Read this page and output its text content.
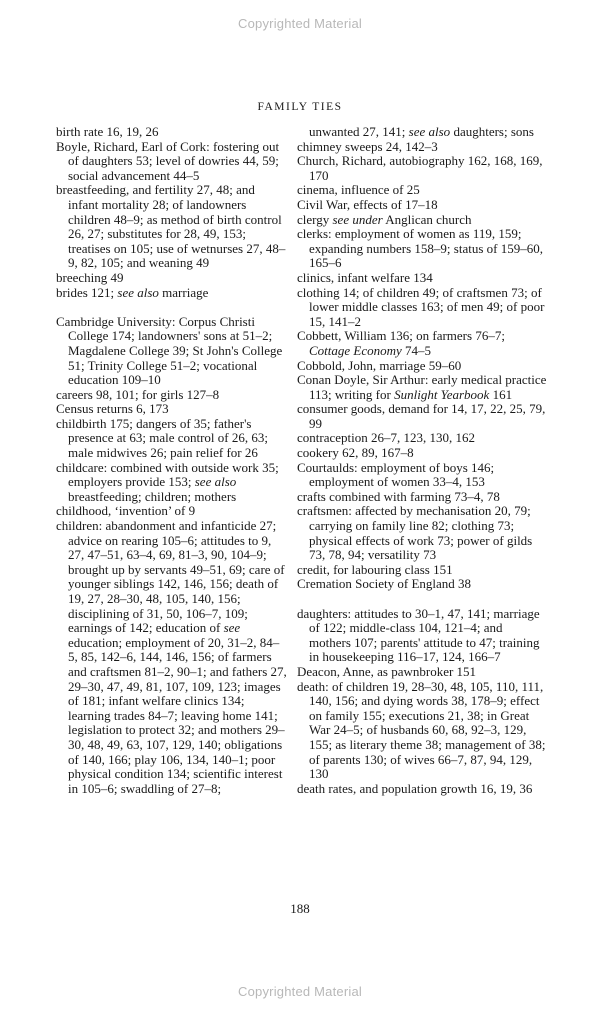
Copyrighted Material
FAMILY TIES

birth rate 16, 19, 26

Boyle, Richard, Earl of Cork: fostering out of daughters 53; level of dowries 44, 59; social advancement 44–5

breastfeeding, and fertility 27, 48; and infant mortality 28; of landowners children 48–9; as method of birth control 26, 27; substitutes for 28, 49, 153; treatises on 105; use of wetnurses 27, 48–9, 82, 105; and weaning 49

breeching 49

brides 121; see also marriage

Cambridge University: Corpus Christi College 174; landowners' sons at 51–2; Magdalene College 39; St John's College 51; Trinity College 51–2; vocational education 109–10

careers 98, 101; for girls 127–8

Census returns 6, 173

childbirth 175; dangers of 35; father's presence at 63; male control of 26, 63; male midwives 26; pain relief for 26

childcare: combined with outside work 35; employers provide 153; see also breastfeeding; children; mothers

childhood, ‘invention’ of 9

children: abandonment and infanticide 27; advice on rearing 105–6; attitudes to 9, 27, 47–51, 63–4, 69, 81–3, 90, 104–9; brought up by servants 49–51, 69; care of younger siblings 142, 146, 156; death of 19, 27, 28–30, 48, 105, 140, 156; disciplining of 31, 50, 106–7, 109; earnings of 142; education of see education; employment of 20, 31–2, 84–5, 85, 142–6, 144, 146, 156; of farmers and craftsmen 81–2, 90–1; and fathers 27, 29–30, 47, 49, 81, 107, 109, 123; images of 181; infant welfare clinics 134; learning trades 84–7; leaving home 141; legislation to protect 32; and mothers 29–30, 48, 49, 63, 107, 129, 140; obligations of 140, 166; play 106, 134, 140–1; poor physical condition 134; scientific interest in 105–6; swaddling of 27–8;

unwanted 27, 141; see also daughters; sons

chimney sweeps 24, 142–3

Church, Richard, autobiography 162, 168, 169, 170

cinema, influence of 25

Civil War, effects of 17–18

clergy see under Anglican church

clerks: employment of women as 119, 159; expanding numbers 158–9; status of 159–60, 165–6

clinics, infant welfare 134

clothing 14; of children 49; of craftsmen 73; of lower middle classes 163; of men 49; of poor 15, 141–2

Cobbett, William 136; on farmers 76–7; Cottage Economy 74–5

Cobbold, John, marriage 59–60

Conan Doyle, Sir Arthur: early medical practice 113; writing for Sunlight Yearbook 161

consumer goods, demand for 14, 17, 22, 25, 79, 99

contraception 26–7, 123, 130, 162

cookery 62, 89, 167–8

Courtaulds: employment of boys 146; employment of women 33–4, 153

crafts combined with farming 73–4, 78

craftsmen: affected by mechanisation 20, 79; carrying on family line 82; clothing 73; physical effects of work 73; power of gilds 73, 78, 94; versatility 73

credit, for labouring class 151

Cremation Society of England 38

daughters: attitudes to 30–1, 47, 141; marriage of 122; middle-class 104, 121–4; and mothers 107; parents' attitude to 47; training in housekeeping 116–17, 124, 166–7

Deacon, Anne, as pawnbroker 151

death: of children 19, 28–30, 48, 105, 110, 111, 140, 156; and dying words 38, 178–9; effect on family 155; executions 21, 38; in Great War 24–5; of husbands 60, 68, 92–3, 129, 155; as literary theme 38; management of 38; of parents 130; of wives 66–7, 87, 94, 129, 130

death rates, and population growth 16, 19, 36

188
Copyrighted Material
